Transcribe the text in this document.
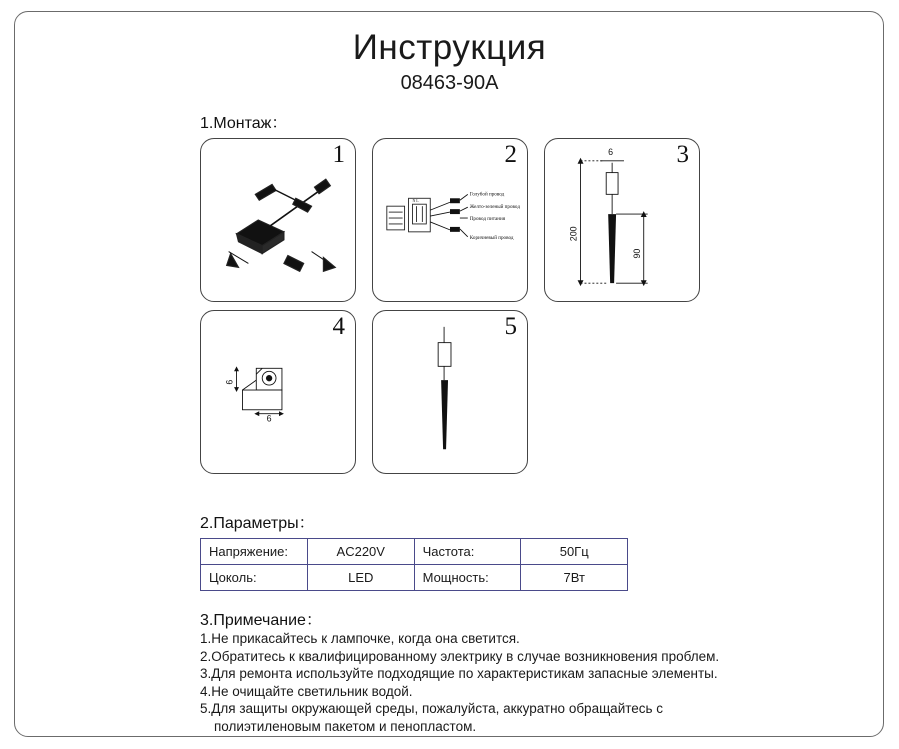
Инструкция
08463-90A
1.Монтаж：
1	2
Голубой провод
Желто-зеленый провод
Провод питания
Коричневый провод
N L
3
6
200
90
4
6
6
5
2.Параметры：
Напряжение:	AC220V	Частота:	50Гц
Цоколь:	LED	Мощность:	7Вт
3.Примечание：
1.Не прикасайтесь к лампочке, когда она светится.
2.Обратитесь к квалифицированному электрику в случае возникновения проблем.
3.Для ремонта используйте подходящие по характеристикам запасные элементы.
4.Не очищайте светильник водой.
5.Для защиты окружающей среды, пожалуйста, аккуратно обращайтесь с
полиэтиленовым пакетом и пенопластом.
